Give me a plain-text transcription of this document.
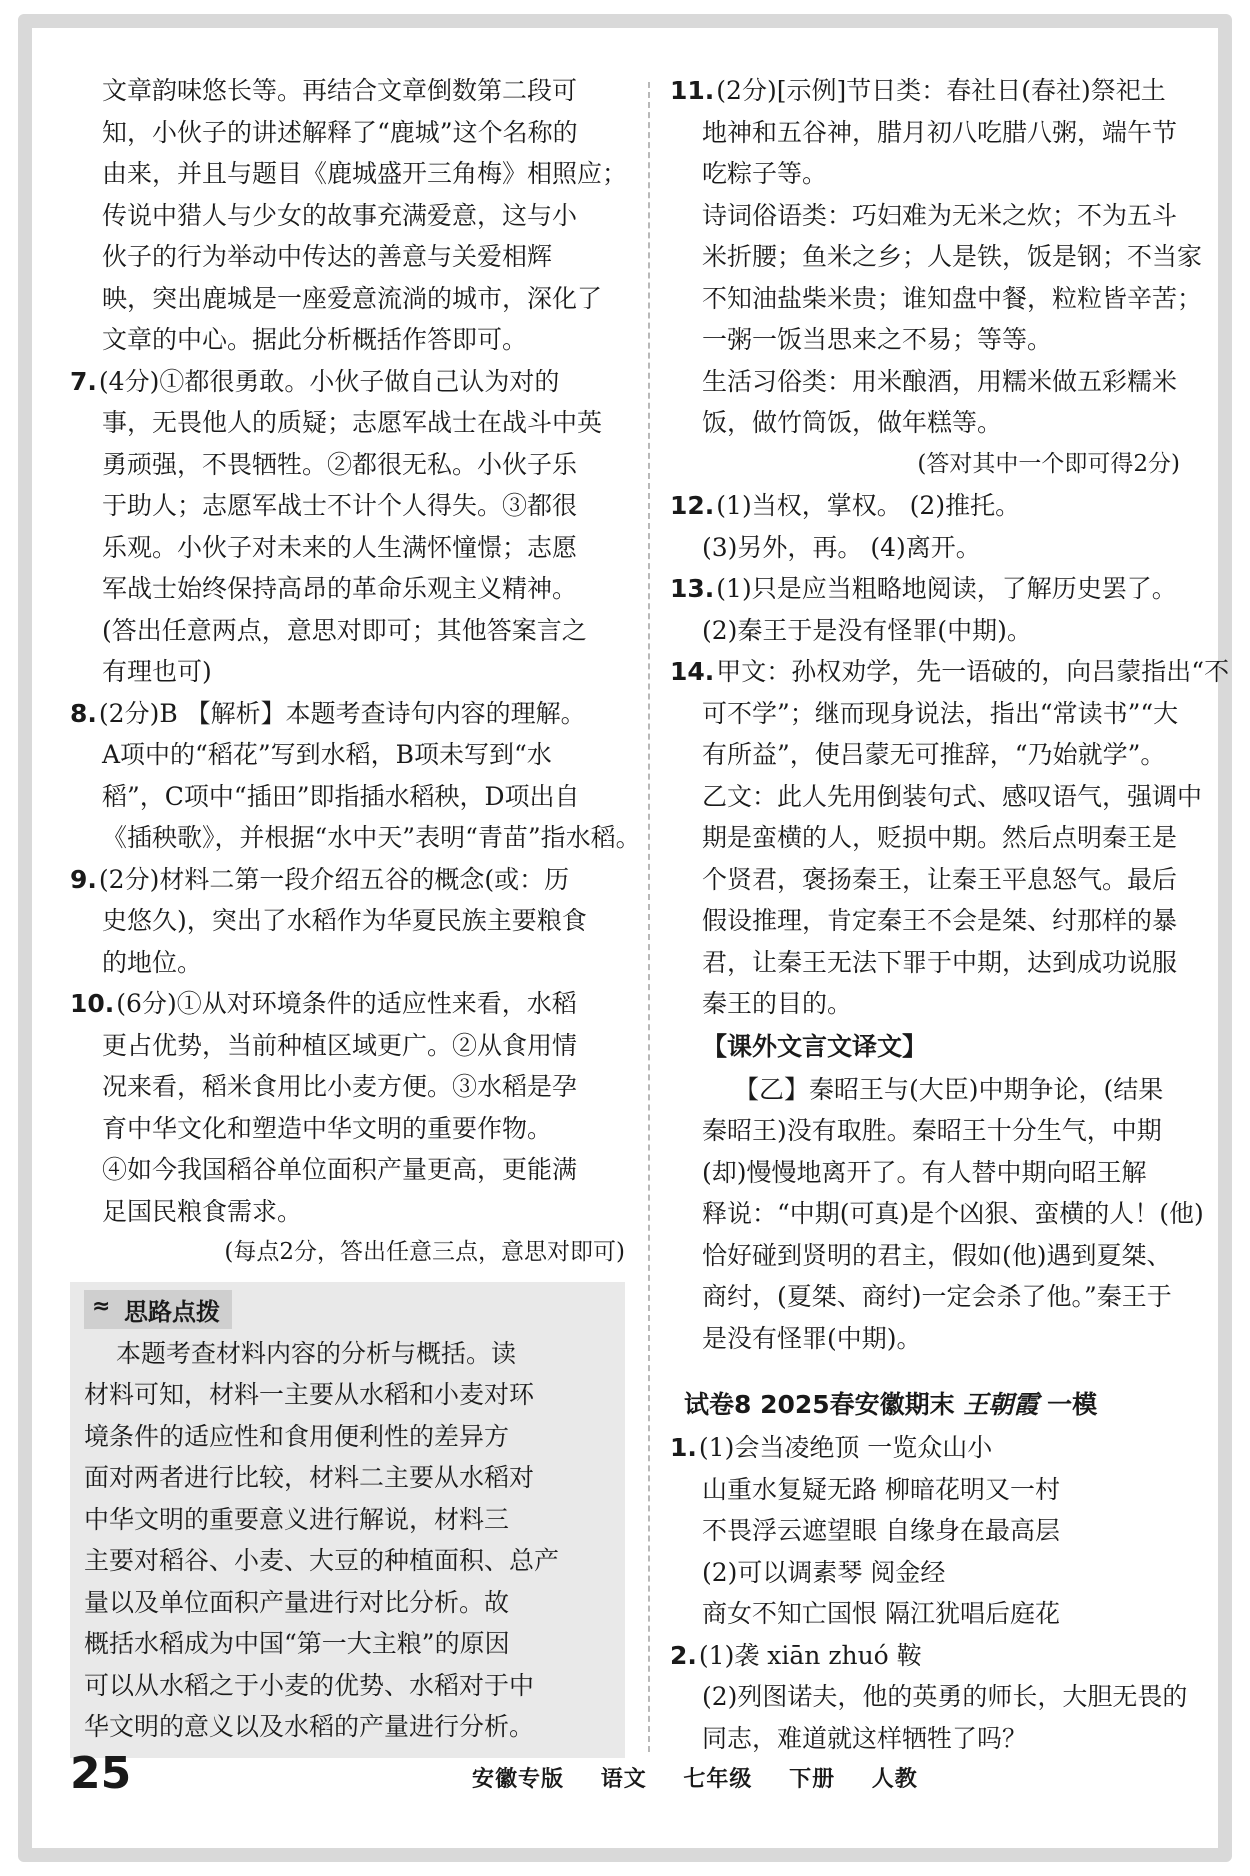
文章韵味悠长等。再结合文章倒数第二段可
知，小伙子的讲述解释了“鹿城”这个名称的
由来，并且与题目《鹿城盛开三角梅》相照应；
传说中猎人与少女的故事充满爱意，这与小
伙子的行为举动中传达的善意与关爱相辉
映，突出鹿城是一座爱意流淌的城市，深化了
文章的中心。据此分析概括作答即可。
7.(4分)①都很勇敢。小伙子做自己认为对的
事，无畏他人的质疑；志愿军战士在战斗中英
勇顽强，不畏牺牲。②都很无私。小伙子乐
于助人；志愿军战士不计个人得失。③都很
乐观。小伙子对未来的人生满怀憧憬；志愿
军战士始终保持高昂的革命乐观主义精神。
(答出任意两点，意思对即可；其他答案言之
有理也可)
8.(2分)B 【解析】本题考查诗句内容的理解。
A项中的“稻花”写到水稻，B项未写到“水
稻”，C项中“插田”即指插水稻秧，D项出自
《插秧歌》，并根据“水中天”表明“青苗”指水稻。
9.(2分)材料二第一段介绍五谷的概念(或：历
史悠久)，突出了水稻作为华夏民族主要粮食
的地位。
10.(6分)①从对环境条件的适应性来看，水稻
更占优势，当前种植区域更广。②从食用情
况来看，稻米食用比小麦方便。③水稻是孕
育中华文化和塑造中华文明的重要作物。
④如今我国稻谷单位面积产量更高，更能满
足国民粮食需求。
(每点2分，答出任意三点，意思对即可)
≈ 思路点拨
本题考查材料内容的分析与概括。读
材料可知，材料一主要从水稻和小麦对环
境条件的适应性和食用便利性的差异方
面对两者进行比较，材料二主要从水稻对
中华文明的重要意义进行解说，材料三
主要对稻谷、小麦、大豆的种植面积、总产
量以及单位面积产量进行对比分析。故
概括水稻成为中国“第一大主粮”的原因
可以从水稻之于小麦的优势、水稻对于中
华文明的意义以及水稻的产量进行分析。
11.(2分)[示例]节日类：春社日(春社)祭祀土
地神和五谷神，腊月初八吃腊八粥，端午节
吃粽子等。
诗词俗语类：巧妇难为无米之炊；不为五斗
米折腰；鱼米之乡；人是铁，饭是钢；不当家
不知油盐柴米贵；谁知盘中餐，粒粒皆辛苦；
一粥一饭当思来之不易；等等。
生活习俗类：用米酿酒，用糯米做五彩糯米
饭，做竹筒饭，做年糕等。
(答对其中一个即可得2分)
12.(1)当权，掌权。 (2)推托。
(3)另外，再。 (4)离开。
13.(1)只是应当粗略地阅读，了解历史罢了。
(2)秦王于是没有怪罪(中期)。
14.甲文：孙权劝学，先一语破的，向吕蒙指出“不
可不学”；继而现身说法，指出“常读书”“大
有所益”，使吕蒙无可推辞，“乃始就学”。
乙文：此人先用倒装句式、感叹语气，强调中
期是蛮横的人，贬损中期。然后点明秦王是
个贤君，褒扬秦王，让秦王平息怒气。最后
假设推理，肯定秦王不会是桀、纣那样的暴
君，让秦王无法下罪于中期，达到成功说服
秦王的目的。
【课外文言文译文】
【乙】秦昭王与(大臣)中期争论，(结果
秦昭王)没有取胜。秦昭王十分生气，中期
(却)慢慢地离开了。有人替中期向昭王解
释说：“中期(可真)是个凶狠、蛮横的人！(他)
恰好碰到贤明的君主，假如(他)遇到夏桀、
商纣，(夏桀、商纣)一定会杀了他。”秦王于
是没有怪罪(中期)。
试卷8 2025春安徽期末 王朝霞 一模
1.(1)会当凌绝顶 一览众山小
山重水复疑无路 柳暗花明又一村
不畏浮云遮望眼 自缘身在最高层
(2)可以调素琴 阅金经
商女不知亡国恨 隔江犹唱后庭花
2.(1)袭 xiān zhuó 鞍
(2)列图诺夫，他的英勇的师长，大胆无畏的
同志，难道就这样牺牲了吗？
25	安徽专版 语文 七年级 下册 人教
